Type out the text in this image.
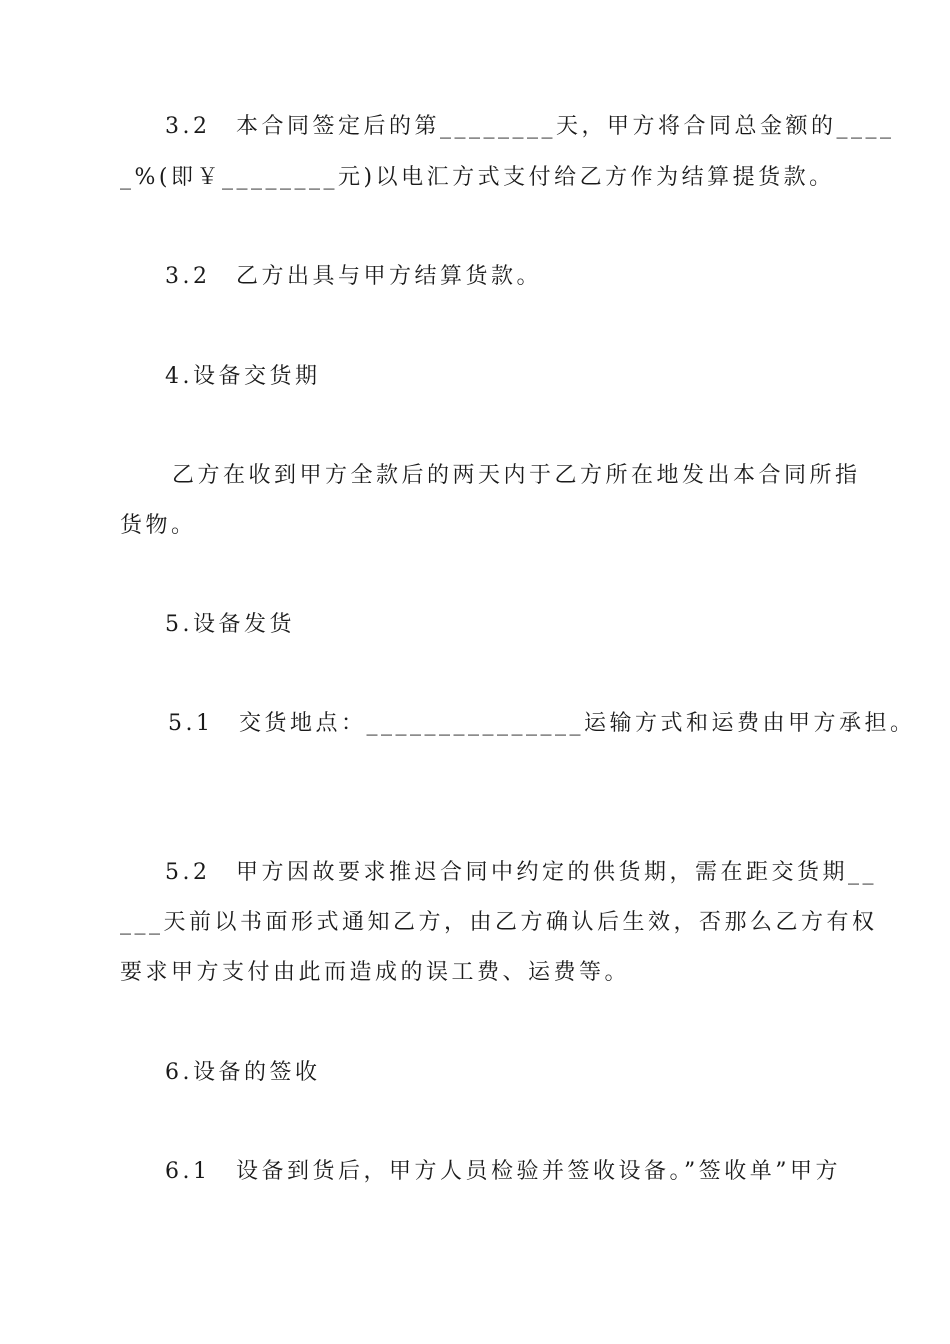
3.2　本合同签定后的第________天，甲方将合同总金额的____
_%(即￥________元)以电汇方式支付给乙方作为结算提货款。
3.2　乙方出具与甲方结算货款。
4.设备交货期
乙方在收到甲方全款后的两天内于乙方所在地发出本合同所指
货物。
5.设备发货
5.1　交货地点：_______________运输方式和运费由甲方承担。
5.2　甲方因故要求推迟合同中约定的供货期，需在距交货期__
___天前以书面形式通知乙方，由乙方确认后生效，否那么乙方有权
要求甲方支付由此而造成的误工费、运费等。
6.设备的签收
6.1　设备到货后，甲方人员检验并签收设备。”签收单”甲方
